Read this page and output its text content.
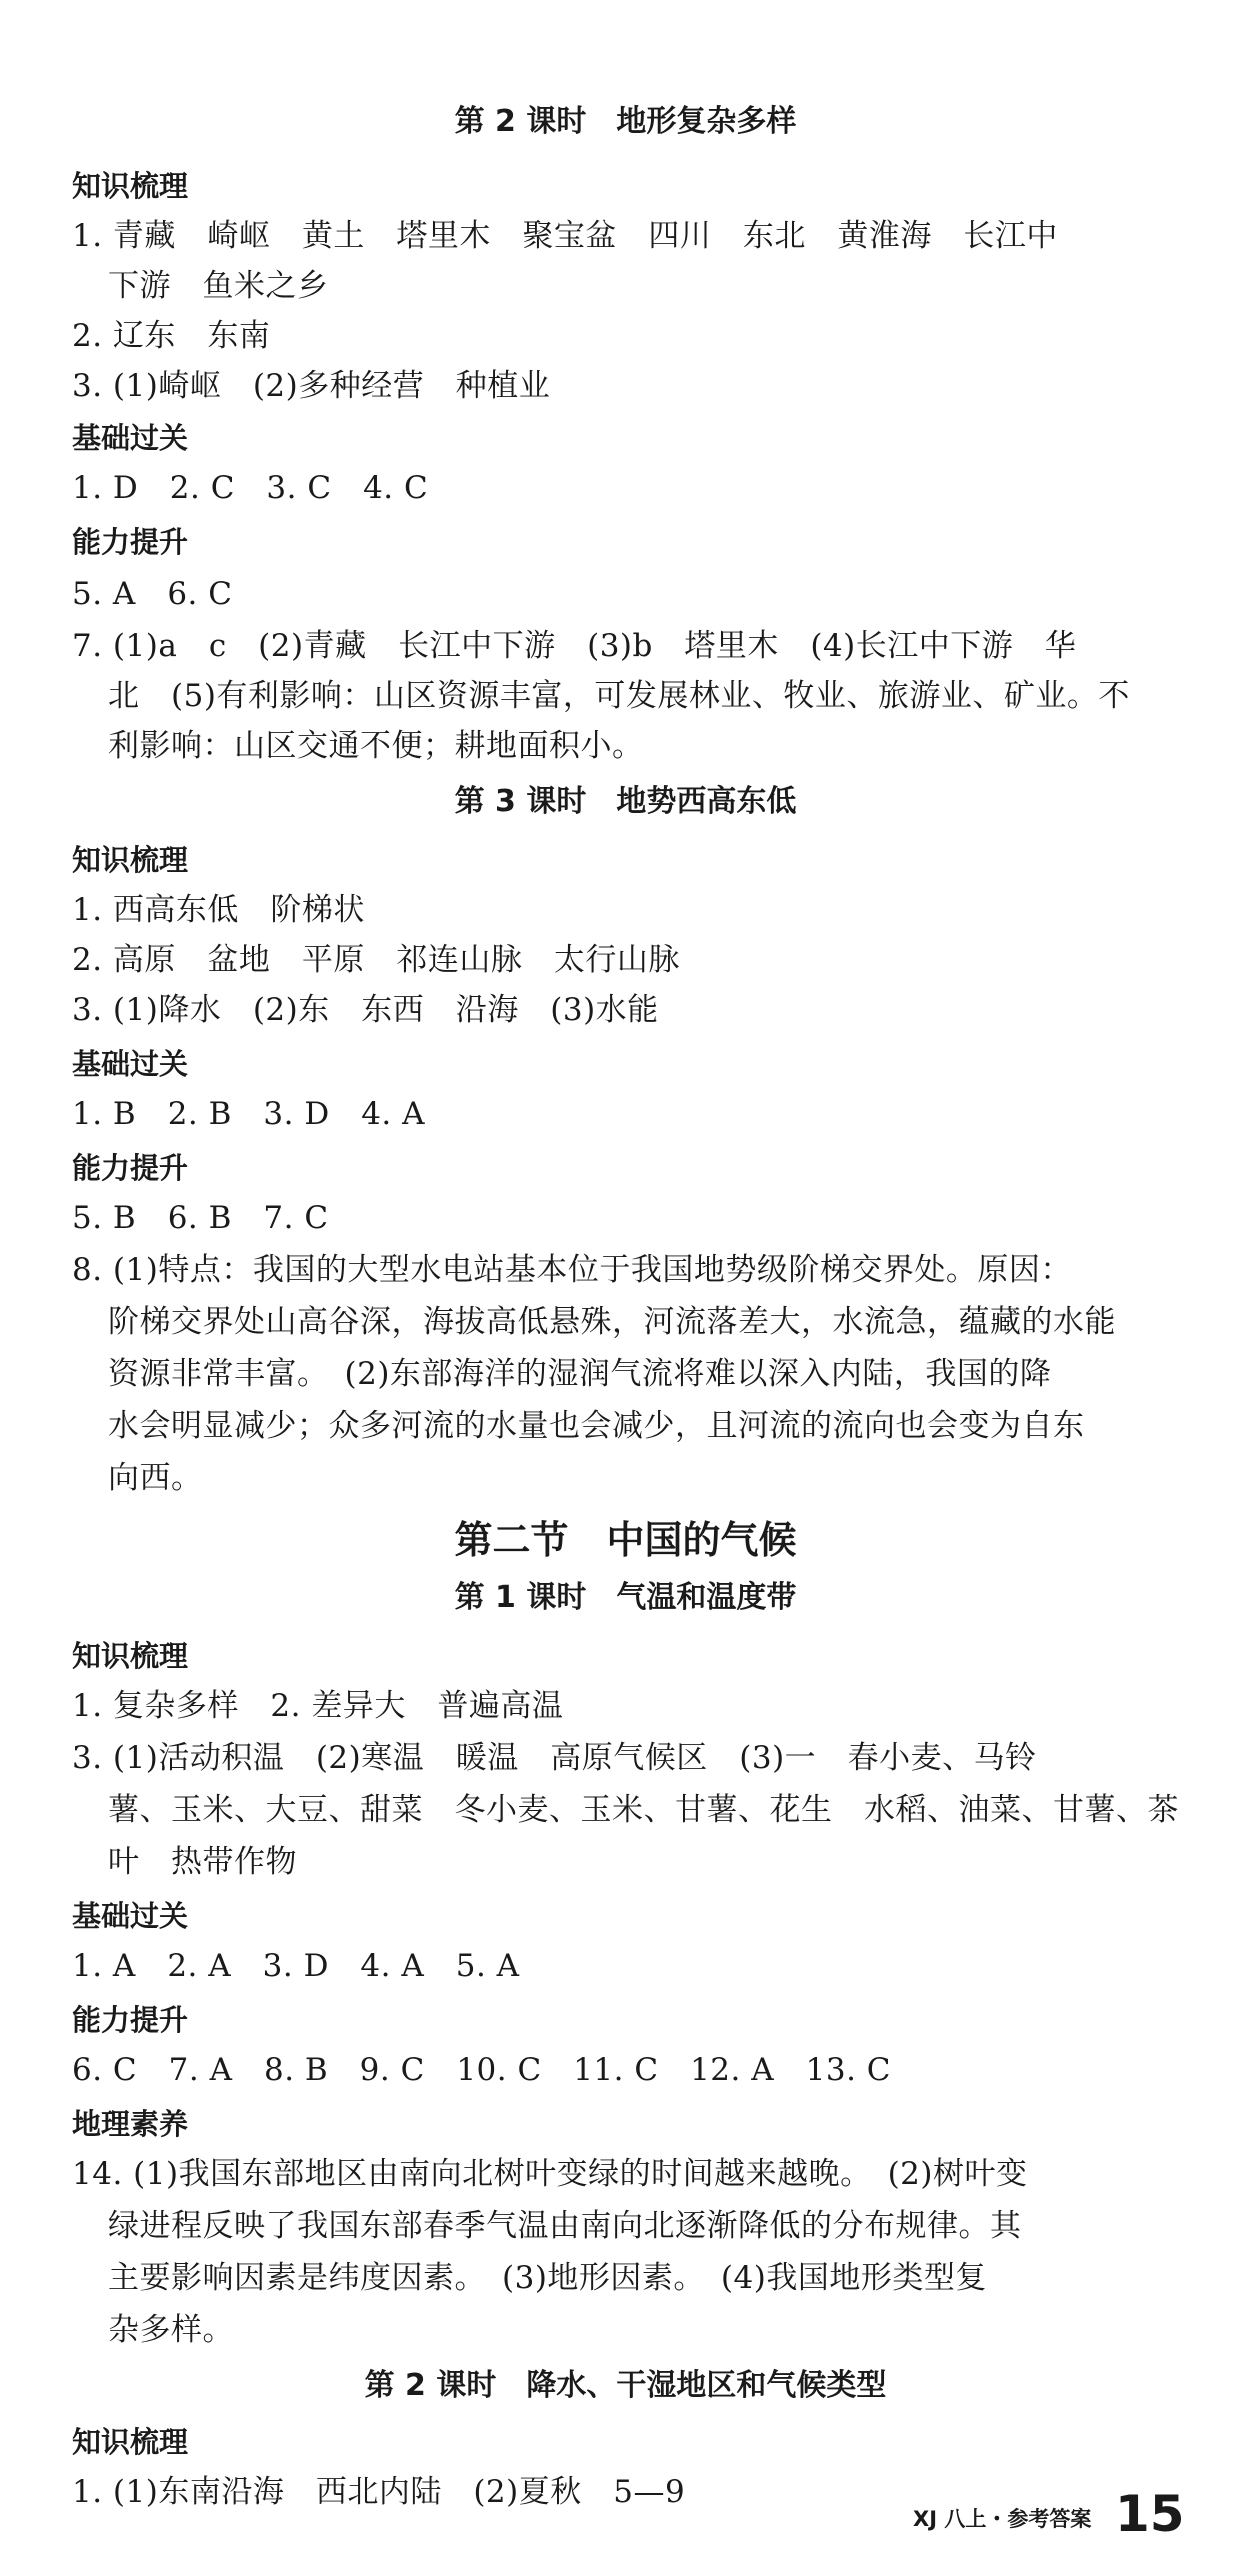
第 2 课时　地形复杂多样
知识梳理
1. 青藏　崎岖　黄土　塔里木　聚宝盆　四川　东北　黄淮海　长江中
下游　鱼米之乡
2. 辽东　东南
3. (1)崎岖　(2)多种经营　种植业
基础过关
1. D　2. C　3. C　4. C
能力提升
5. A　6. C
7. (1)a　c　(2)青藏　长江中下游　(3)b　塔里木　(4)长江中下游　华
北　(5)有利影响：山区资源丰富，可发展林业、牧业、旅游业、矿业。不
利影响：山区交通不便；耕地面积小。
第 3 课时　地势西高东低
知识梳理
1. 西高东低　阶梯状
2. 高原　盆地　平原　祁连山脉　太行山脉
3. (1)降水　(2)东　东西　沿海　(3)水能
基础过关
1. B　2. B　3. D　4. A
能力提升
5. B　6. B　7. C
8. (1)特点：我国的大型水电站基本位于我国地势级阶梯交界处。原因：
阶梯交界处山高谷深，海拔高低悬殊，河流落差大，水流急，蕴藏的水能
资源非常丰富。　(2)东部海洋的湿润气流将难以深入内陆，我国的降
水会明显减少；众多河流的水量也会减少，且河流的流向也会变为自东
向西。
第二节　中国的气候
第 1 课时　气温和温度带
知识梳理
1. 复杂多样　2. 差异大　普遍高温
3. (1)活动积温　(2)寒温　暖温　高原气候区　(3)一　春小麦、马铃
薯、玉米、大豆、甜菜　冬小麦、玉米、甘薯、花生　水稻、油菜、甘薯、茶
叶　热带作物
基础过关
1. A　2. A　3. D　4. A　5. A
能力提升
6. C　7. A　8. B　9. C　10. C　11. C　12. A　13. C
地理素养
14. (1)我国东部地区由南向北树叶变绿的时间越来越晚。　(2)树叶变
绿进程反映了我国东部春季气温由南向北逐渐降低的分布规律。其
主要影响因素是纬度因素。　(3)地形因素。　(4)我国地形类型复
杂多样。
第 2 课时　降水、干湿地区和气候类型
知识梳理
1. (1)东南沿海　西北内陆　(2)夏秋　5—9
XJ 八上・参考答案 15
